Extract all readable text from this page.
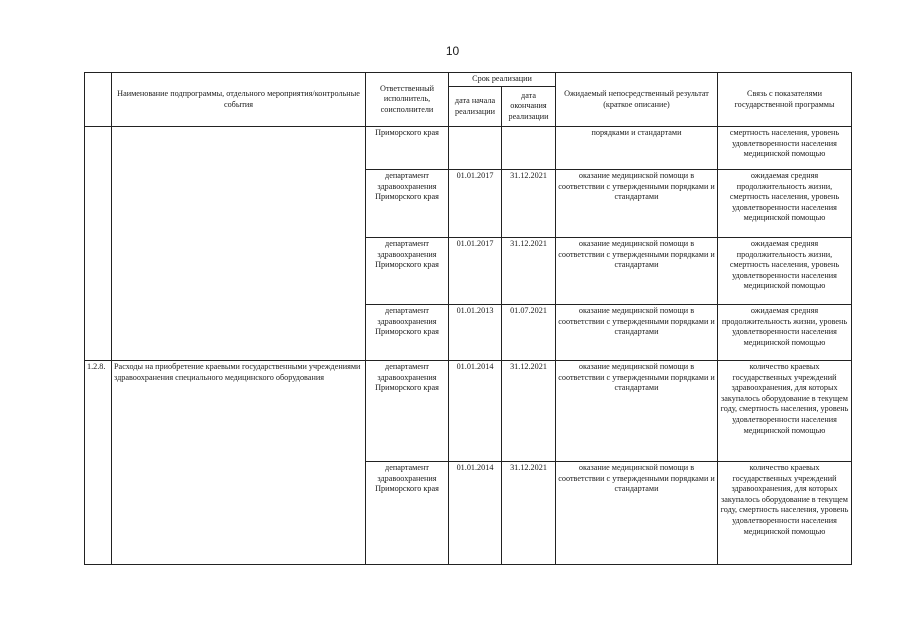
10
	Наименование подпрограммы, отдельного мероприятия/контрольные события	Ответственный исполнитель, соисполнители	Срок реализации		Ожидаемый непосредственный результат (краткое описание)	Связь с показателями государственной программы
			дата начала реализации	дата окончания реализации		
		Приморского края			порядками и стандартами	смертность населения, уровень удовлетворенности населения медицинской помощью
		департамент здравоохранения Приморского края	01.01.2017	31.12.2021	оказание медицинской помощи в соответствии с утвержденными порядками и стандартами	ожидаемая средняя продолжительность жизни, смертность населения, уровень удовлетворенности населения медицинской помощью
		департамент здравоохранения Приморского края	01.01.2017	31.12.2021	оказание медицинской помощи в соответствии с утвержденными порядками и стандартами	ожидаемая средняя продолжительность жизни, смертность населения, уровень удовлетворенности населения медицинской помощью
		департамент здравоохранения Приморского края	01.01.2013	01.07.2021	оказание медицинской помощи в соответствии с утвержденными порядками и стандартами	ожидаемая средняя продолжительность жизни, уровень удовлетворенности населения медицинской помощью
1.2.8.	Расходы на приобретение краевыми государственными учреждениями здравоохранения специального медицинского оборудования	департамент здравоохранения Приморского края	01.01.2014	31.12.2021	оказание медицинской помощи в соответствии с утвержденными порядками и стандартами	количество краевых государственных учреждений здравоохранения, для которых закупалось оборудование в текущем году, смертность населения, уровень удовлетворенности населения медицинской помощью
		департамент здравоохранения Приморского края	01.01.2014	31.12.2021	оказание медицинской помощи в соответствии с утвержденными порядками и стандартами	количество краевых государственных учреждений здравоохранения, для которых закупалось оборудование в текущем году, смертность населения, уровень удовлетворенности населения медицинской помощью
